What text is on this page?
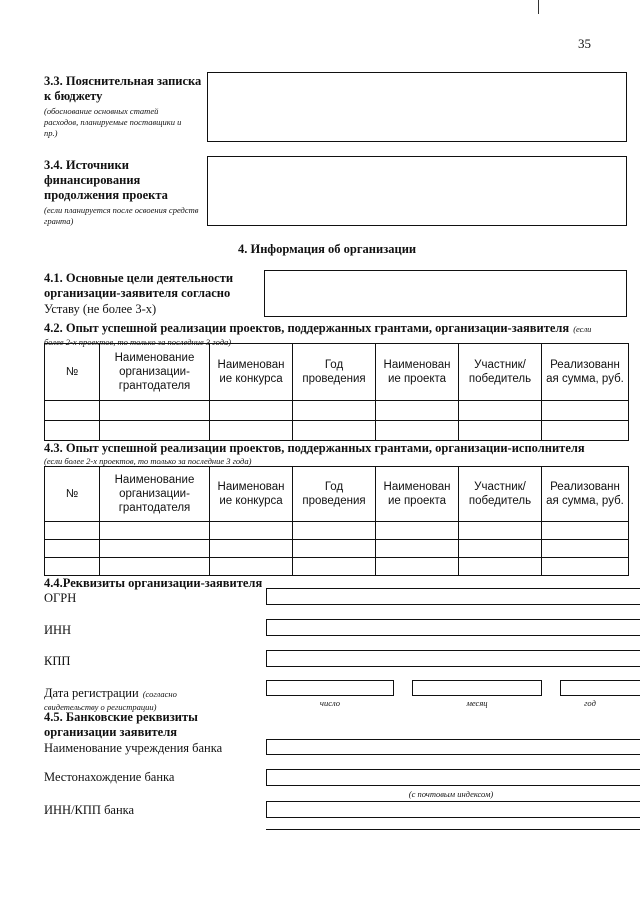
35
3.3. Пояснительная записка к бюджету
(обоснование основных статей расходов, планируемые поставщики и пр.)
3.4. Источники финансирования продолжения проекта
(если планируется после освоения средств гранта)
4. Информация об организации
4.1. Основные цели деятельности организации-заявителя согласно
Уставу (не более 3-х)
4.2. Опыт успешной реализации проектов, поддержанных грантами, организации-заявителя (если
более 2-х проектов, то только за последние 3 года)
№	Наименование организации-грантодателя	Наименован ие конкурса	Год проведения	Наименован ие проекта	Участник/ победитель	Реализованн ая сумма, руб.

4.3. Опыт успешной реализации проектов, поддержанных грантами, организации-исполнителя
(если более 2-х проектов, то только за последние 3 года)
№	Наименование организации-грантодателя	Наименован ие конкурса	Год проведения	Наименован ие проекта	Участник/ победитель	Реализованн ая сумма, руб.

4.4.Реквизиты организации-заявителя
ОГРН
ИНН
КПП
Дата регистрации (согласно
свидетельству о регистрации)	число	месяц	год
4.5. Банковские реквизиты
организации заявителя
Наименование учреждения банка
Местонахождение банка
(с почтовым индексом)
ИНН/КПП банка
